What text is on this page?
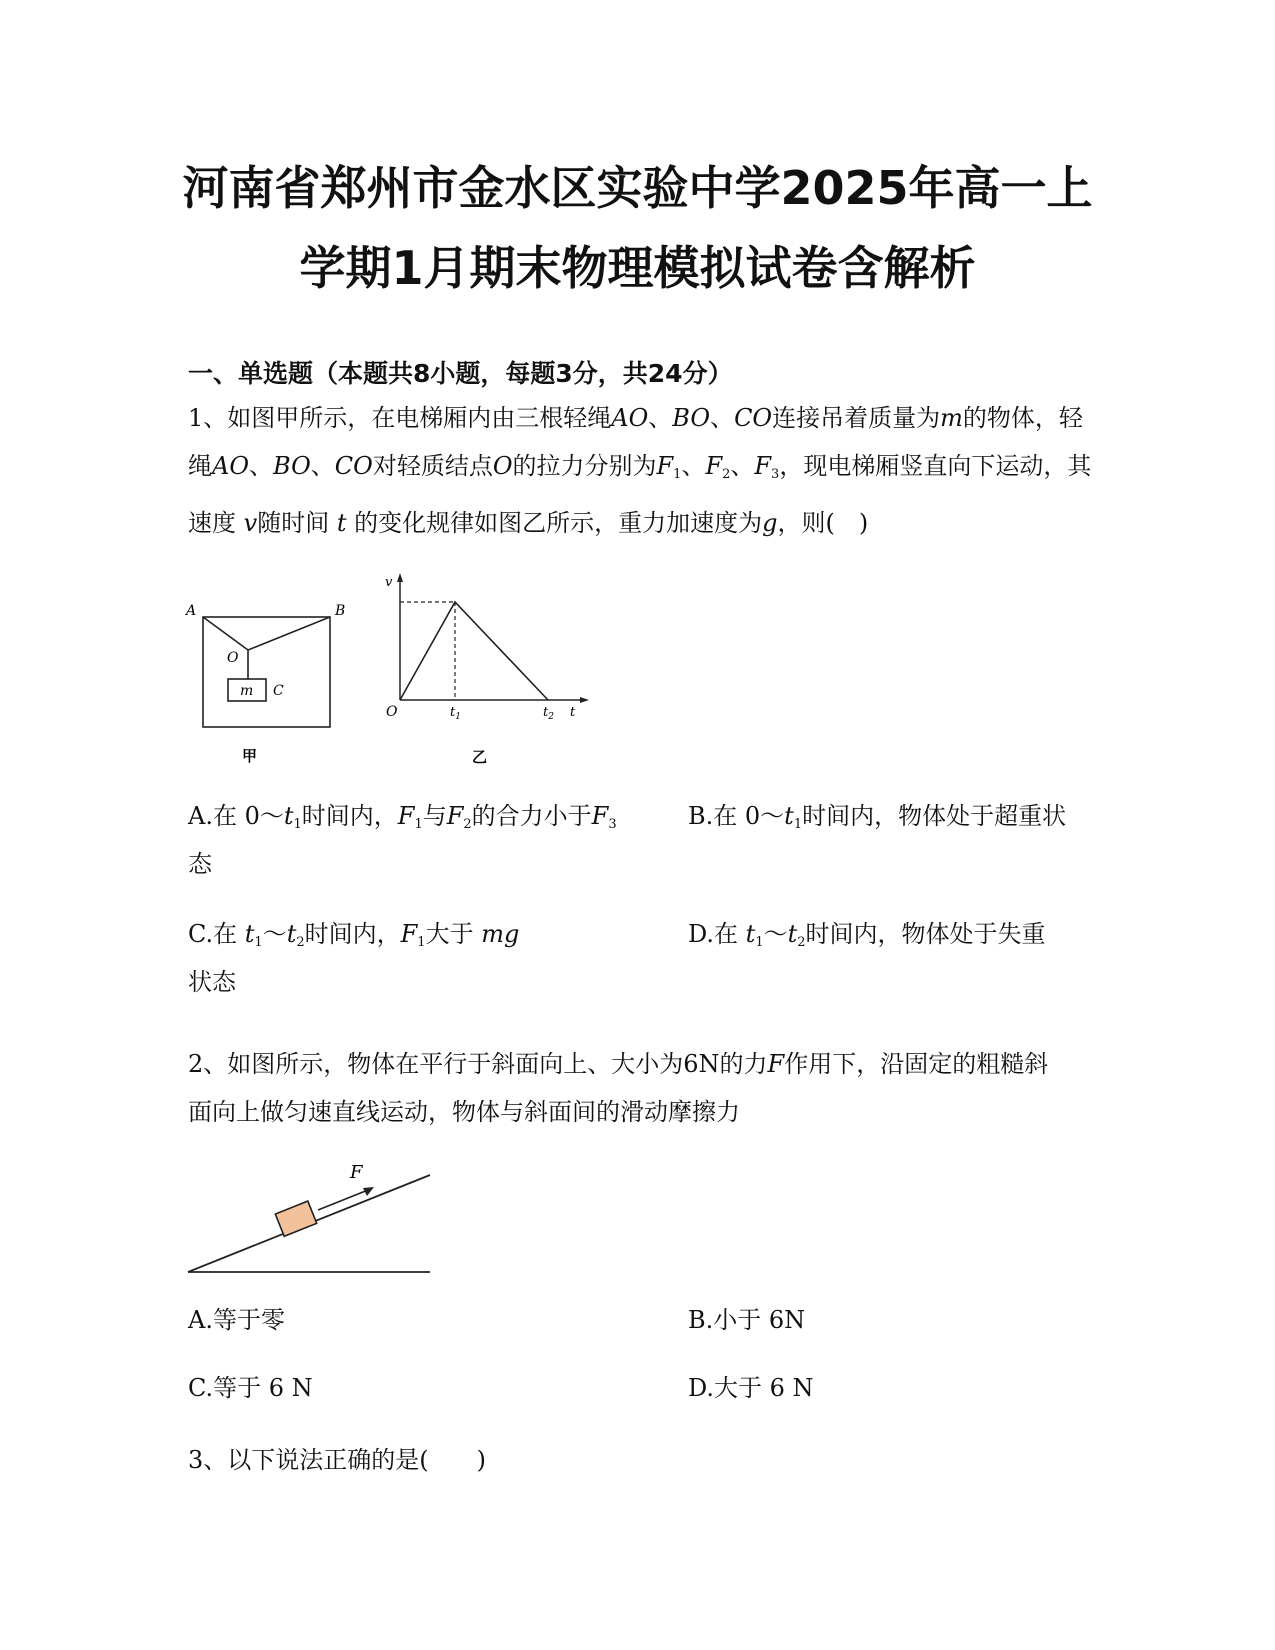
河南省郑州市金水区实验中学2025年高一上
学期1月期末物理模拟试卷含解析
一、单选题（本题共8小题，每题3分，共24分）
1、如图甲所示，在电梯厢内由三根轻绳AO、BO、CO连接吊着质量为m的物体，轻
绳AO、BO、CO对轻质结点O的拉力分别为$F_1$、$F_2$、$F_3$，现电梯厢竖直向下运动，其
速度 v随时间 t 的变化规律如图乙所示，重力加速度为g，则(　)
A	B
O
m C
甲
v
O	$t_1$	$t_2$ t
乙
A.在 $0\sim t_1$时间内，$F_1$与$F_2$的合力小于$F_3$
态
B.在 $0\sim t_1$时间内，物体处于超重状
C.在 $t_1\sim t_2$时间内，$F_1$大于 mg
状态
D.在 $t_1\sim t_2$时间内，物体处于失重
2、如图所示，物体在平行于斜面向上、大小为6N的力F作用下，沿固定的粗糙斜
面向上做匀速直线运动，物体与斜面间的滑动摩擦力
F
A.等于零	B.小于 6N
C.等于 6 N	D.大于 6 N
3、以下说法正确的是(　　)
